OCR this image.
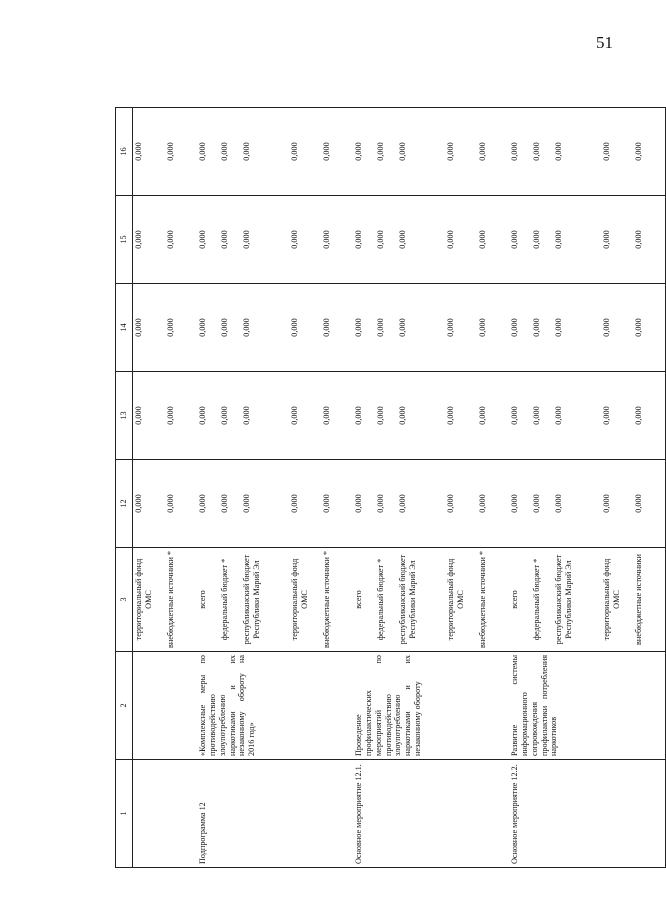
51
1	2	3	12	13	14	15	16
		территориальный фонд ОМС	0,000	0,000	0,000	0,000	0,000
		внебюджетные источники *	0,000	0,000	0,000	0,000	0,000
Подпрограмма 12	«Комплексные меры по противодействию злоупотреблению наркотиками и их незаконному обороту на 2016 год»	всего	0,000	0,000	0,000	0,000	0,000
		федеральный бюджет *	0,000	0,000	0,000	0,000	0,000
		республиканский бюджет Республики Марий Эл	0,000	0,000	0,000	0,000	0,000
		территориальный фонд ОМС	0,000	0,000	0,000	0,000	0,000
		внебюджетные источники *	0,000	0,000	0,000	0,000	0,000
Основное мероприятие 12.1.	Проведение профилактических мероприятий по противодействию злоупотреблению наркотиками и их незаконному обороту	всего	0,000	0,000	0,000	0,000	0,000
		федеральный бюджет *	0,000	0,000	0,000	0,000	0,000
		республиканский бюджет Республики Марий Эл	0,000	0,000	0,000	0,000	0,000
		территориальный фонд ОМС	0,000	0,000	0,000	0,000	0,000
		внебюджетные источники *	0,000	0,000	0,000	0,000	0,000
Основное мероприятие 12.2.	Развитие системы информационного сопровождения профилактики потребления наркотиков	всего	0,000	0,000	0,000	0,000	0,000
		федеральный бюджет *	0,000	0,000	0,000	0,000	0,000
		республиканский бюджет Республики Марий Эл	0,000	0,000	0,000	0,000	0,000
		территориальный фонд ОМС	0,000	0,000	0,000	0,000	0,000
		внебюджетные источники	0,000	0,000	0,000	0,000	0,000
